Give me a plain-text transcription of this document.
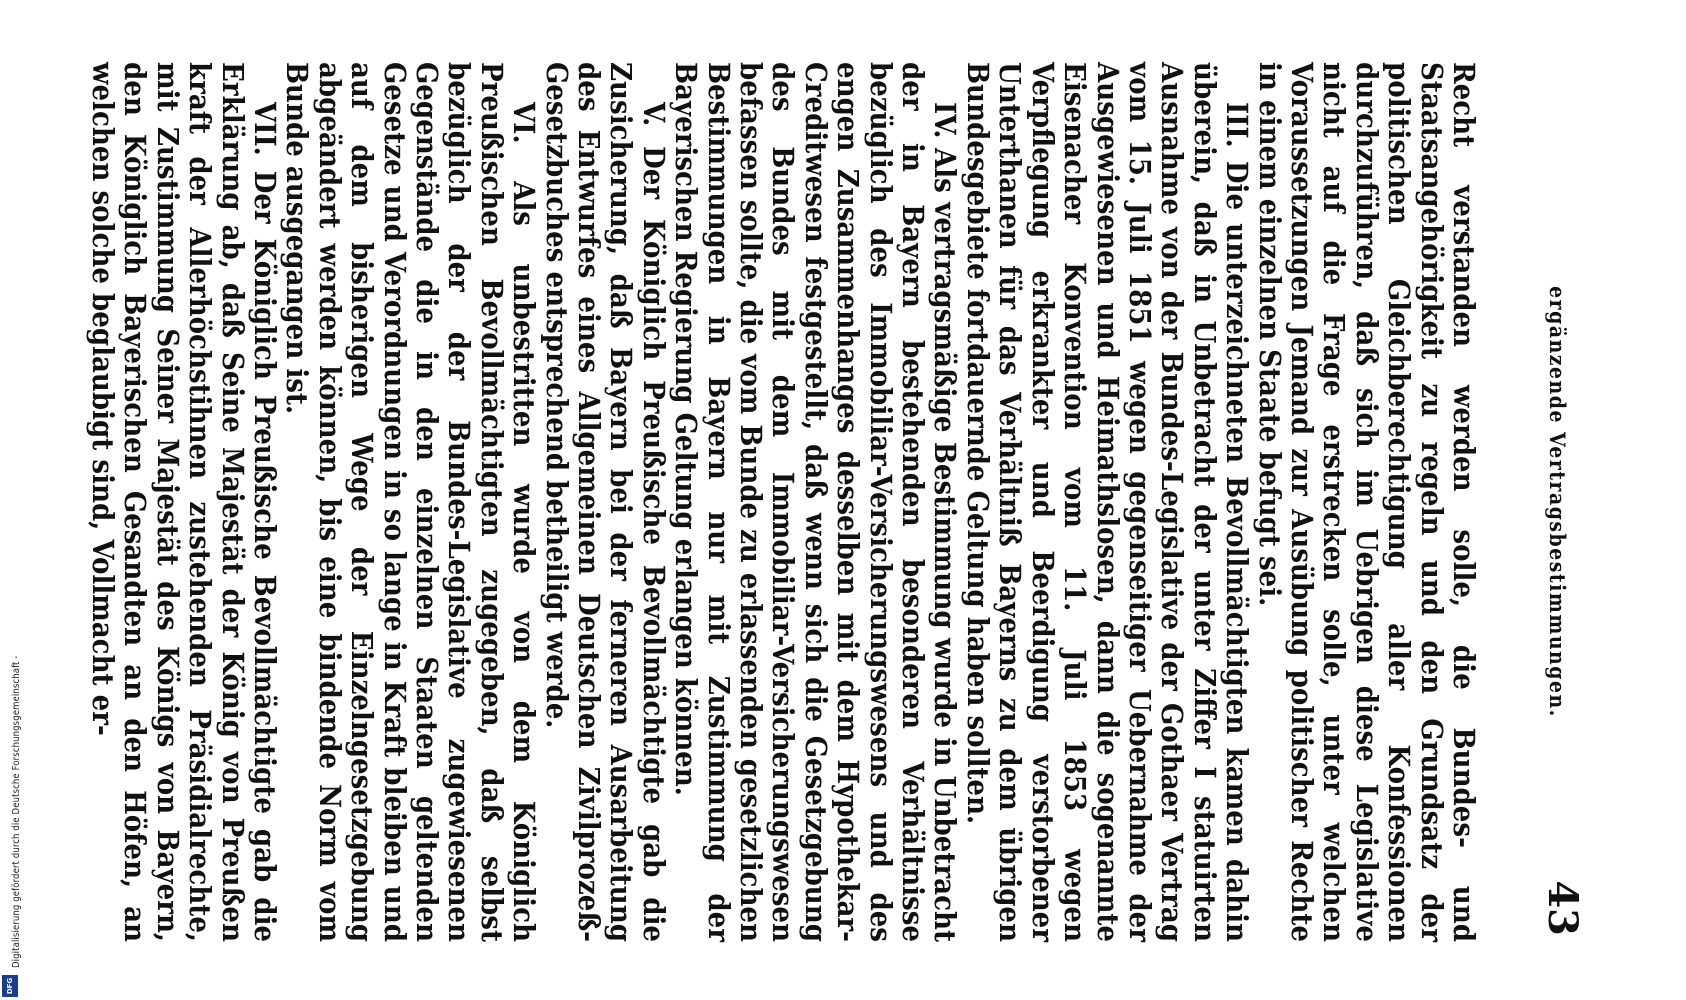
ergänzende Vertragsbestimmungen.
43

Recht verstanden werden solle, die Bundes- und Staatsangehörigkeit zu regeln und den Grundsatz der politischen Gleichberechtigung aller Konfessionen durchzuführen, daß sich im Uebrigen diese Legislative nicht auf die Frage erstrecken solle, unter welchen Voraussetzungen Jemand zur Ausübung politischer Rechte in einem einzelnen Staate befugt sei.

III. Die unterzeichneten Bevollmächtigten kamen dahin überein, daß in Unbetracht der unter Ziffer I statuirten Ausnahme von der Bundes-Legislative der Gothaer Vertrag vom 15. Juli 1851 wegen gegenseitiger Uebernahme der Ausgewiesenen und Heimathslosen, dann die sogenannte Eisenacher Konvention vom 11. Juli 1853 wegen Verpflegung erkrankter und Beerdigung verstorbener Unterthanen für das Verhältniß Bayerns zu dem übrigen Bundesgebiete fortdauernde Geltung haben sollten.

IV. Als vertragsmäßige Bestimmung wurde in Unbetracht der in Bayern bestehenden besonderen Verhältnisse bezüglich des Immobiliar-Versicherungswesens und des engen Zusammenhanges desselben mit dem Hypothekar-Creditwesen festgestellt, daß wenn sich die Gesetzgebung des Bundes mit dem Immobiliar-Versicherungswesen befassen sollte, die vom Bunde zu erlassenden gesetzlichen Bestimmungen in Bayern nur mit Zustimmung der Bayerischen Regierung Geltung erlangen können.

V. Der Königlich Preußische Bevollmächtigte gab die Zusicherung, daß Bayern bei der ferneren Ausarbeitung des Entwurfes eines Allgemeinen Deutschen Zivilprozeß-Gesetzbuches entsprechend betheiligt werde.

VI. Als unbestritten wurde von dem Königlich Preußischen Bevollmächtigten zugegeben, daß selbst bezüglich der der Bundes-Legislative zugewiesenen Gegenstände die in den einzelnen Staaten geltenden Gesetze und Verordnungen in so lange in Kraft bleiben und auf dem bisherigen Wege der Einzelngesetzgebung abgeändert werden können, bis eine bindende Norm vom Bunde ausgegangen ist.

VII. Der Königlich Preußische Bevollmächtigte gab die Erklärung ab, daß Seine Majestät der König von Preußen kraft der Allerhöchstihnen zustehenden Präsidialrechte, mit Zustimmung Seiner Majestät des Königs von Bayern, den Königlich Bayerischen Gesandten an den Höfen, an welchen solche beglaubigt sind, Vollmacht er-

Digitalisierung gefördert durch die Deutsche Forschungsgemeinschaft -
DFG
